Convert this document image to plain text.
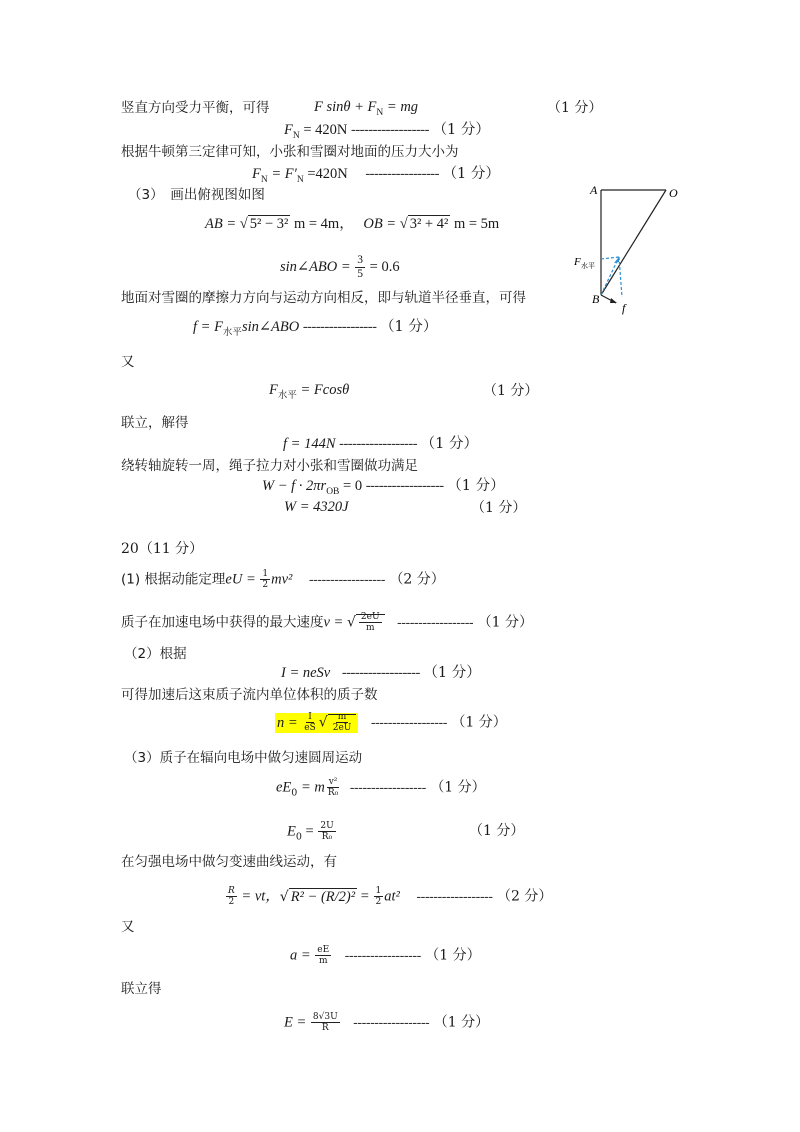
竖直方向受力平衡，可得	F $\sin\theta + F_N$ = mg	（1 分）
$F_N = 420N$ ------------------ （1 分）
根据牛顿第三定律可知，小张和雪圈对地面的压力大小为
$F_N = F'_N =420N$ ----------------- （1 分）
（3）　画出俯视图如图
AB = √ 5² − 3² m = 4m， OB = √ 3² + 4² m = 5m
sin∠ABO = $\frac{3}{5} = 0.6$
地面对雪圈的摩擦力方向与运动方向相反，即与轨道半径垂直，可得
$f = F_{水平}\sin\angle ABO$ ----------------- （1 分）
又
$F_{水平} = Fcos\theta$	（1 分）
联立，解得
f = 144N ------------------ （1 分）
绕转轴旋转一周，绳子拉力对小张和雪圈做功满足
$W - f \cdot 2\pi r_{OB} = 0$ ------------------ （1 分）
W = 4320J	（1 分）
A	O
B
f
F 水平
20（11 分）
(1) 根据动能定理eU = $\frac{1}{2} mv^2$ ------------------ （2 分）
质子在加速电场中获得的最大速度v = √ $\frac{2eU}{m}$ ------------------ （1 分）
（2）根据
I = neSv ------------------ （1 分）
可得加速后这束质子流内单位体积的质子数
$n = \frac{I}{eS}$ √ $\frac{m}{2eU}$ ------------------ （1 分）
（3）质子在辐向电场中做匀速圆周运动
$eE_0 = m \frac{\text{v²}}{\text{R₀}}$ ------------------ （1 分）
$E_0 = \frac{2U}{\text{R₀}}$	（1 分）
在匀强电场中做匀变速曲线运动，有
$\frac{R}{2}$ = vt，√ $R^2 - (R/2)^2 = \frac{1}{2} at^2$ ------------------ （2 分）
又
$a = \frac{eE}{m}$ ------------------ （1 分）
联立得
$E = \frac{8√3U}{R}$ ------------------ （1 分）
